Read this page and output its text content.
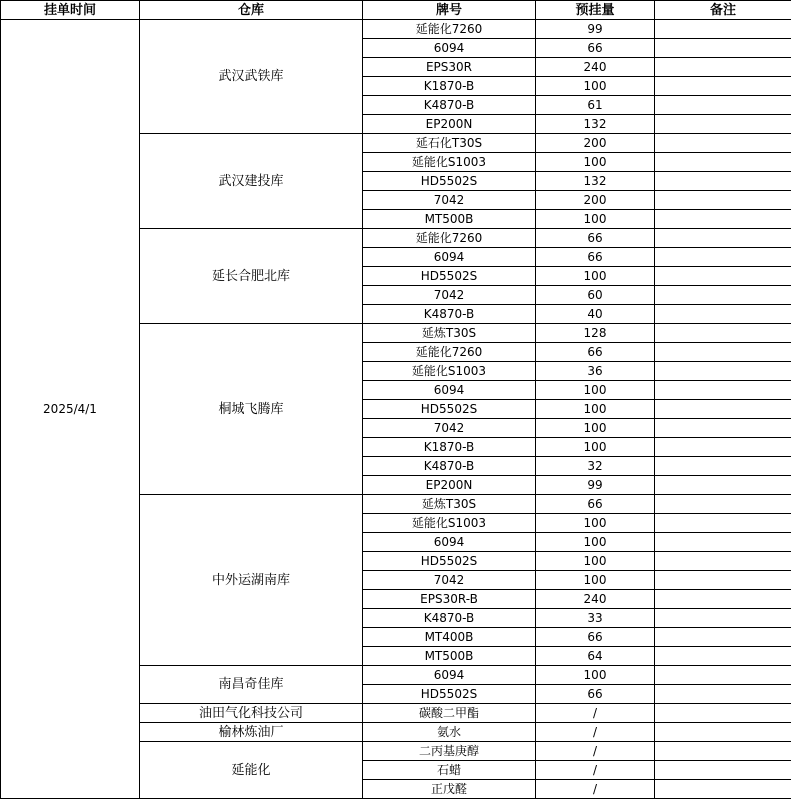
挂单时间	仓库	牌号	预挂量	备注
2025/4/1	武汉武铁库	延能化7260	99	
		6094	66	
		EPS30R	240	
		K1870-B	100	
		K4870-B	61	
		EP200N	132	
	武汉建投库	延石化T30S	200	
		延能化S1003	100	
		HD5502S	132	
		7042	200	
		MT500B	100	
	延长合肥北库	延能化7260	66	
		6094	66	
		HD5502S	100	
		7042	60	
		K4870-B	40	
	桐城飞腾库	延炼T30S	128	
		延能化7260	66	
		延能化S1003	36	
		6094	100	
		HD5502S	100	
		7042	100	
		K1870-B	100	
		K4870-B	32	
		EP200N	99	
	中外运湖南库	延炼T30S	66	
		延能化S1003	100	
		6094	100	
		HD5502S	100	
		7042	100	
		EPS30R-B	240	
		K4870-B	33	
		MT400B	66	
		MT500B	64	
	南昌奇佳库	6094	100	
		HD5502S	66	
	油田气化科技公司	碳酸二甲酯	/	
	榆林炼油厂	氨水	/	
	延能化	二丙基庚醇	/	
		石蜡	/	
		正戊醛	/	
